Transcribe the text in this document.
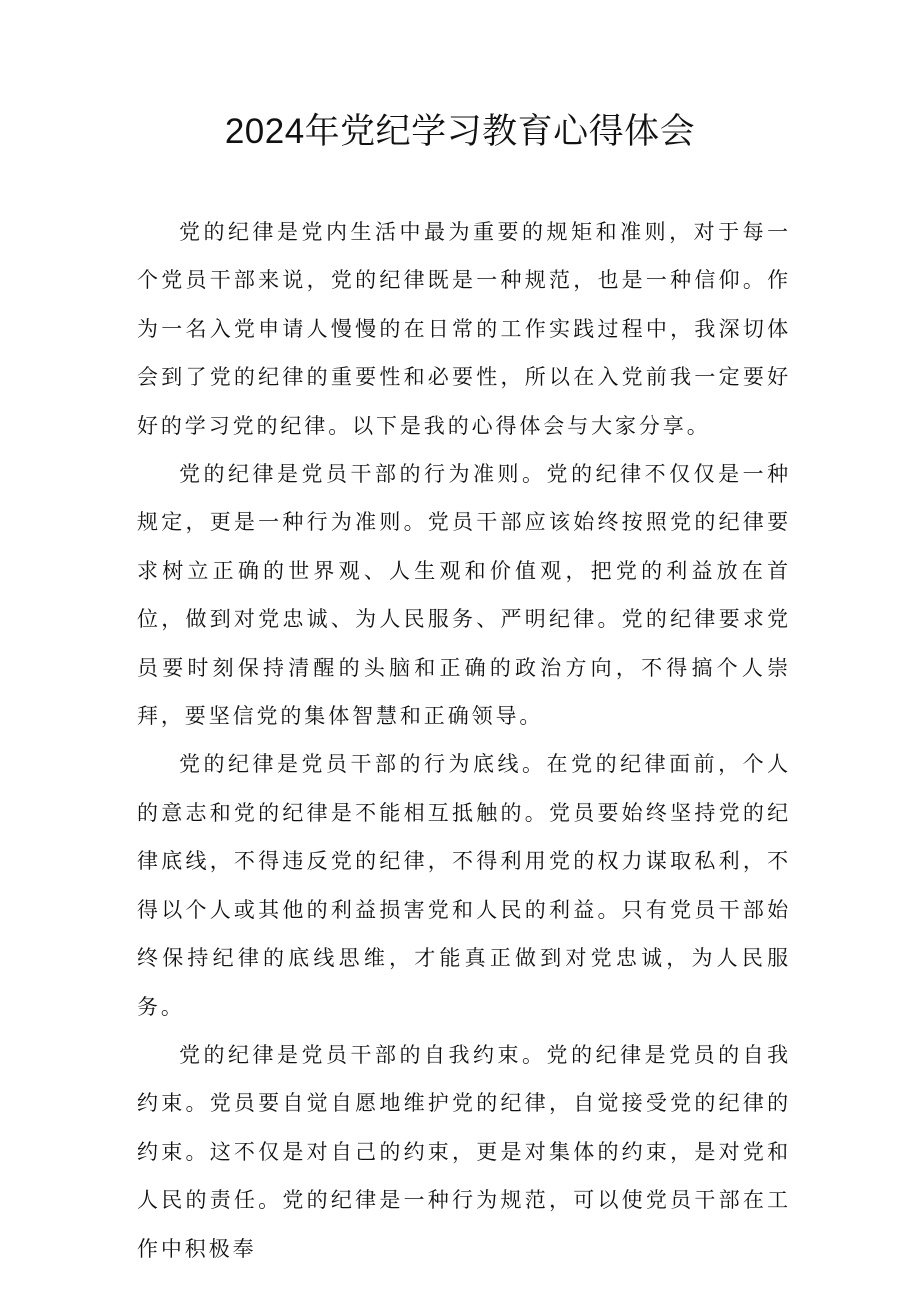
2024年党纪学习教育心得体会

党的纪律是党内生活中最为重要的规矩和准则，对于每一个党员干部来说，党的纪律既是一种规范，也是一种信仰。作为一名入党申请人慢慢的在日常的工作实践过程中，我深切体会到了党的纪律的重要性和必要性，所以在入党前我一定要好好的学习党的纪律。以下是我的心得体会与大家分享。

党的纪律是党员干部的行为准则。党的纪律不仅仅是一种规定，更是一种行为准则。党员干部应该始终按照党的纪律要求树立正确的世界观、人生观和价值观，把党的利益放在首位，做到对党忠诚、为人民服务、严明纪律。党的纪律要求党员要时刻保持清醒的头脑和正确的政治方向，不得搞个人崇拜，要坚信党的集体智慧和正确领导。

党的纪律是党员干部的行为底线。在党的纪律面前，个人的意志和党的纪律是不能相互抵触的。党员要始终坚持党的纪律底线，不得违反党的纪律，不得利用党的权力谋取私利，不得以个人或其他的利益损害党和人民的利益。只有党员干部始终保持纪律的底线思维，才能真正做到对党忠诚，为人民服务。

党的纪律是党员干部的自我约束。党的纪律是党员的自我约束。党员要自觉自愿地维护党的纪律，自觉接受党的纪律的约束。这不仅是对自己的约束，更是对集体的约束，是对党和人民的责任。党的纪律是一种行为规范，可以使党员干部在工作中积极奉
